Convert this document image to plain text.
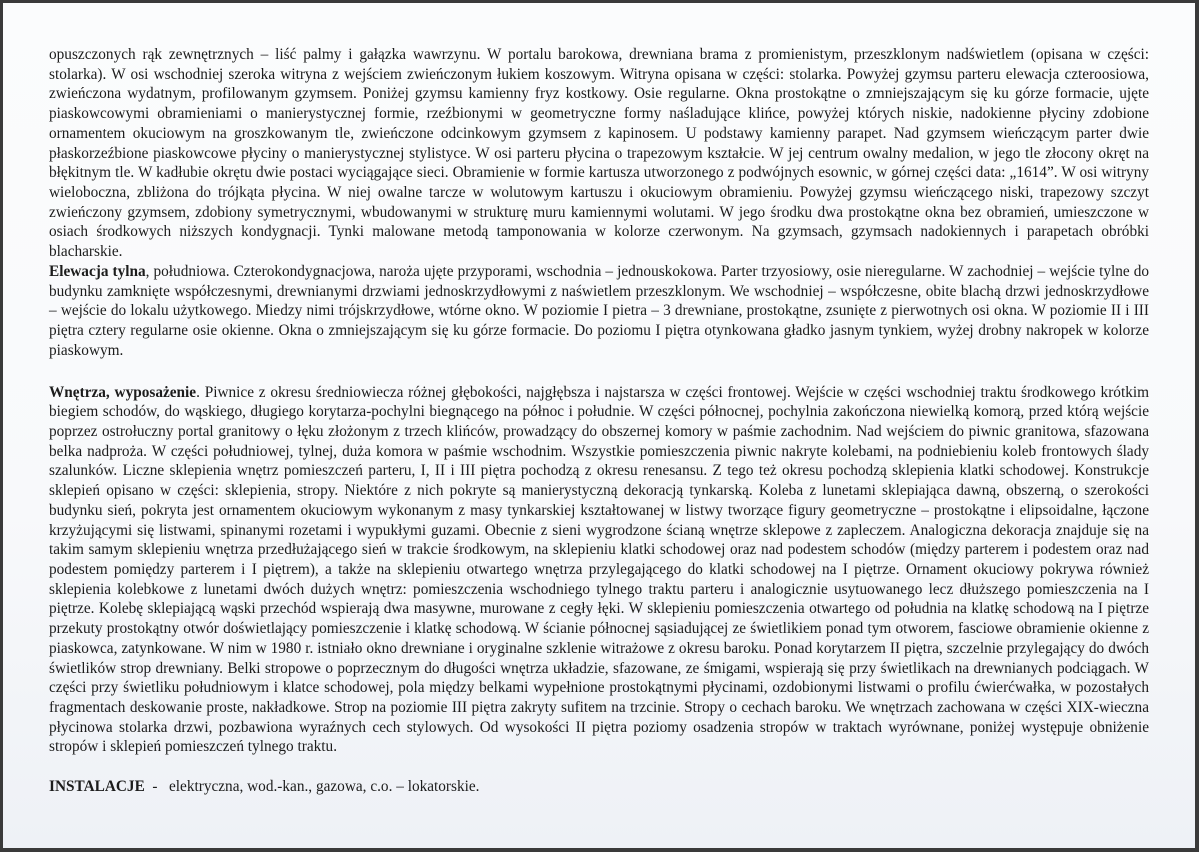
opuszczonych rąk zewnętrznych – liść palmy i gałązka wawrzynu. W portalu barokowa, drewniana brama z promienistym, przeszklonym nadświetlem (opisana w części: stolarka). W osi wschodniej szeroka witryna z wejściem zwieńczonym łukiem koszowym. Witryna opisana w części: stolarka. Powyżej gzymsu parteru elewacja czteroosiowa, zwieńczona wydatnym, profilowanym gzymsem. Poniżej gzymsu kamienny fryz kostkowy. Osie regularne. Okna prostokątne o zmniejszającym się ku górze formacie, ujęte piaskowcowymi obramieniami o manierystycznej formie, rzeźbionymi w geometryczne formy naśladujące klińce, powyżej których niskie, nadokienne płyciny zdobione ornamentem okuciowym na groszkowanym tle, zwieńczone odcinkowym gzymsem z kapinosem. U podstawy kamienny parapet. Nad gzymsem wieńczącym parter dwie płaskorzeźbione piaskowcowe płyciny o manierystycznej stylistyce. W osi parteru płycina o trapezowym kształcie. W jej centrum owalny medalion, w jego tle złocony okręt na błękitnym tle. W kadłubie okrętu dwie postaci wyciągające sieci. Obramienie w formie kartusza utworzonego z podwójnych esownic, w górnej części data: „1614”. W osi witryny wieloboczna, zbliżona do trójkąta płycina. W niej owalne tarcze w wolutowym kartuszu i okuciowym obramieniu. Powyżej gzymsu wieńczącego niski, trapezowy szczyt zwieńczony gzymsem, zdobiony symetrycznymi, wbudowanymi w strukturę muru kamiennymi wolutami. W jego środku dwa prostokątne okna bez obramień, umieszczone w osiach środkowych niższych kondygnacji. Tynki malowane metodą tamponowania w kolorze czerwonym. Na gzymsach, gzymsach nadokiennych i parapetach obróbki blacharskie.

Elewacja tylna, południowa. Czterokondygnacjowa, naroża ujęte przyporami, wschodnia – jednouskokowa. Parter trzyosiowy, osie nieregularne. W zachodniej – wejście tylne do budynku zamknięte współczesnymi, drewnianymi drzwiami jednoskrzydłowymi z naświetlem przeszklonym. We wschodniej – współczesne, obite blachą drzwi jednoskrzydłowe – wejście do lokalu użytkowego. Miedzy nimi trójskrzydłowe, wtórne okno. W poziomie I pietra – 3 drewniane, prostokątne, zsunięte z pierwotnych osi okna. W poziomie II i III piętra cztery regularne osie okienne. Okna o zmniejszającym się ku górze formacie. Do poziomu I piętra otynkowana gładko jasnym tynkiem, wyżej drobny nakropek w kolorze piaskowym.

Wnętrza, wyposażenie. Piwnice z okresu średniowiecza różnej głębokości, najgłębsza i najstarsza w części frontowej. Wejście w części wschodniej traktu środkowego krótkim biegiem schodów, do wąskiego, długiego korytarza-pochylni biegnącego na północ i południe. W części północnej, pochylnia zakończona niewielką komorą, przed którą wejście poprzez ostrołuczny portal granitowy o łęku złożonym z trzech klińców, prowadzący do obszernej komory w paśmie zachodnim. Nad wejściem do piwnic granitowa, sfazowana belka nadproża. W części południowej, tylnej, duża komora w paśmie wschodnim. Wszystkie pomieszczenia piwnic nakryte kolebami, na podniebieniu koleb frontowych ślady szalunków. Liczne sklepienia wnętrz pomieszczeń parteru, I, II i III piętra pochodzą z okresu renesansu. Z tego też okresu pochodzą sklepienia klatki schodowej. Konstrukcje sklepień opisano w części: sklepienia, stropy. Niektóre z nich pokryte są manierystyczną dekoracją tynkarską. Koleba z lunetami sklepiająca dawną, obszerną, o szerokości budynku sień, pokryta jest ornamentem okuciowym wykonanym z masy tynkarskiej kształtowanej w listwy tworzące figury geometryczne – prostokątne i elipsoidalne, łączone krzyżującymi się listwami, spinanymi rozetami i wypukłymi guzami. Obecnie z sieni wygrodzone ścianą wnętrze sklepowe z zapleczem. Analogiczna dekoracja znajduje się na takim samym sklepieniu wnętrza przedłużającego sień w trakcie środkowym, na sklepieniu klatki schodowej oraz nad podestem schodów (między parterem i podestem oraz nad podestem pomiędzy parterem i I piętrem), a także na sklepieniu otwartego wnętrza przylegającego do klatki schodowej na I piętrze. Ornament okuciowy pokrywa również sklepienia kolebkowe z lunetami dwóch dużych wnętrz: pomieszczenia wschodniego tylnego traktu parteru i analogicznie usytuowanego lecz dłuższego pomieszczenia na I piętrze. Kolebę sklepiającą wąski przechód wspierają dwa masywne, murowane z cegły łęki. W sklepieniu pomieszczenia otwartego od południa na klatkę schodową na I piętrze przekuty prostokątny otwór doświetlający pomieszczenie i klatkę schodową. W ścianie północnej sąsiadującej ze świetlikiem ponad tym otworem, fasciowe obramienie okienne z piaskowca, zatynkowane. W nim w 1980 r. istniało okno drewniane i oryginalne szklenie witrażowe z okresu baroku. Ponad korytarzem II piętra, szczelnie przylegający do dwóch świetlików strop drewniany. Belki stropowe o poprzecznym do długości wnętrza układzie, sfazowane, ze śmigami, wspierają się przy świetlikach na drewnianych podciągach. W części przy świetliku południowym i klatce schodowej, pola między belkami wypełnione prostokątnymi płycinami, ozdobionymi listwami o profilu ćwierćwałka, w pozostałych fragmentach deskowanie proste, nakładkowe. Strop na poziomie III piętra zakryty sufitem na trzcinie. Stropy o cechach baroku. We wnętrzach zachowana w części XIX-wieczna płycinowa stolarka drzwi, pozbawiona wyraźnych cech stylowych. Od wysokości II piętra poziomy osadzenia stropów w traktach wyrównane, poniżej występuje obniżenie stropów i sklepień pomieszczeń tylnego traktu.

INSTALACJE  -   elektryczna, wod.-kan., gazowa, c.o. – lokatorskie.
